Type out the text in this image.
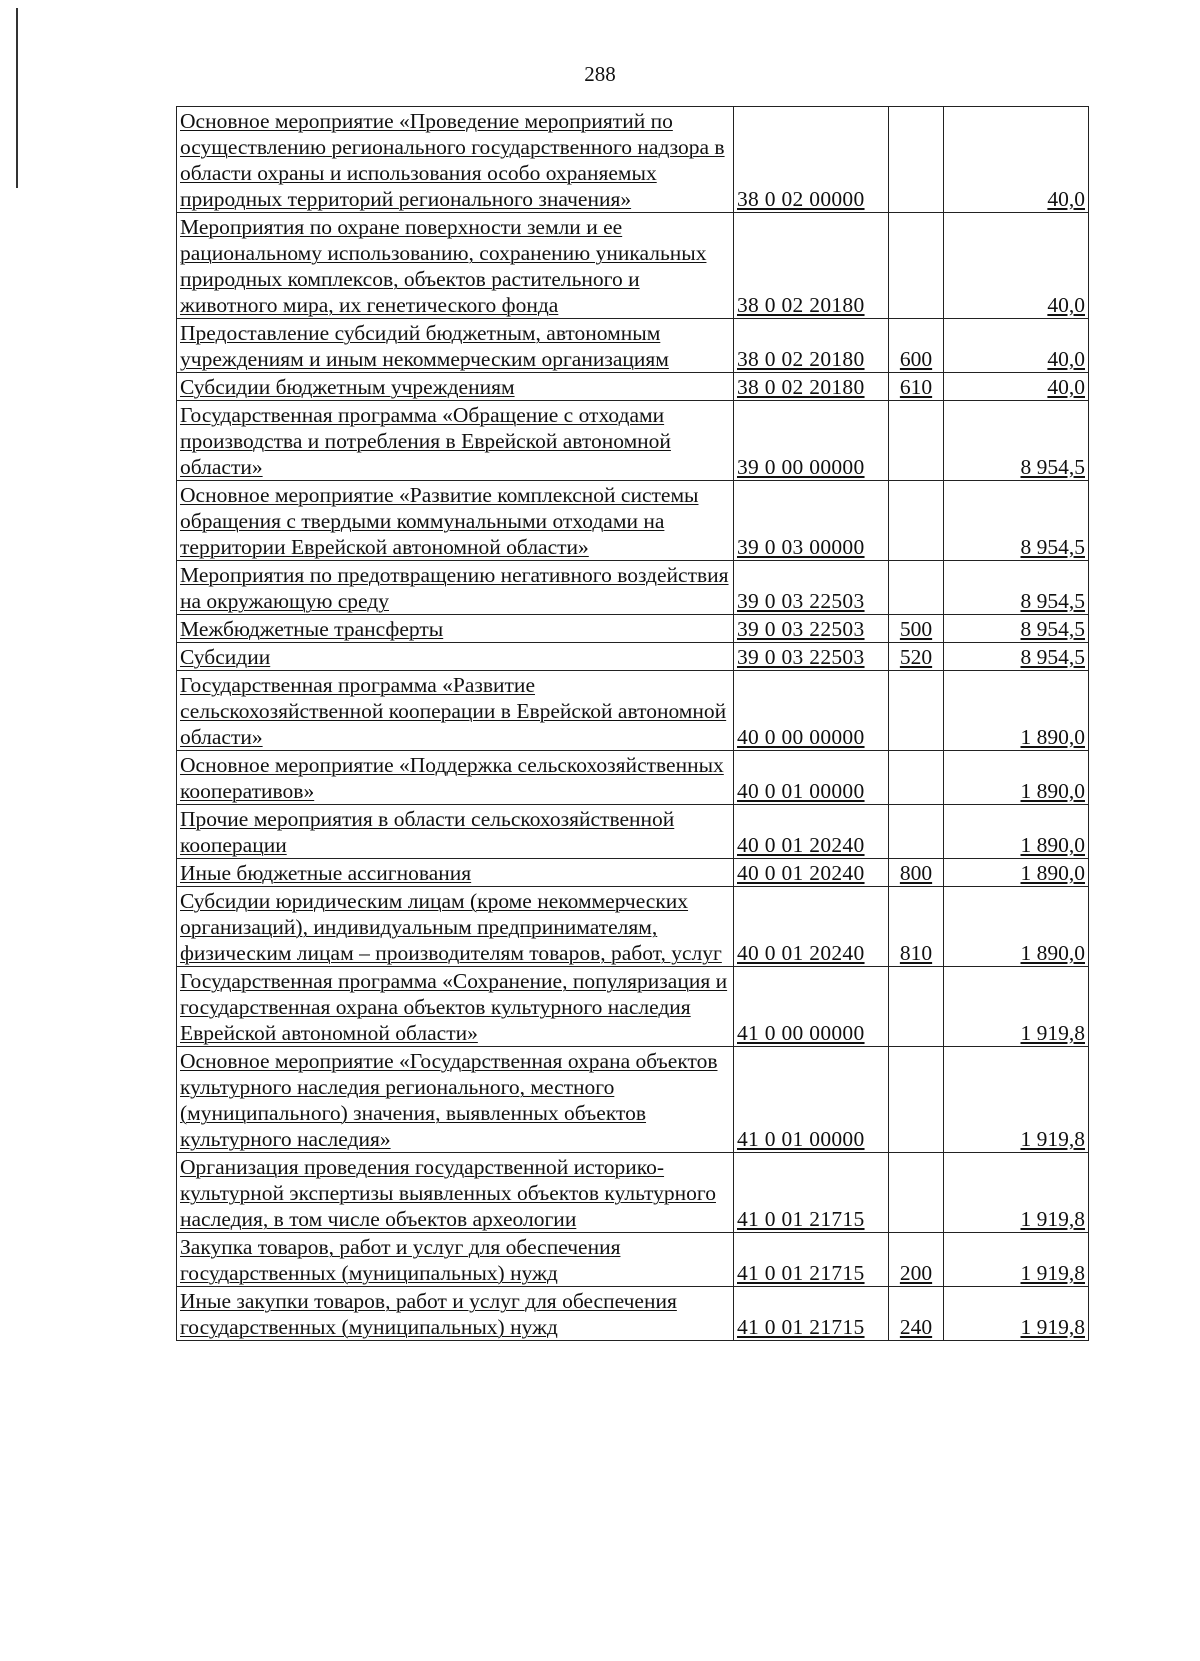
288
Основное мероприятие «Проведение мероприятий по осуществлению регионального государственного надзора в области охраны и использования особо охраняемых природных территорий регионального значения»	38 0 02 00000		40,0
Мероприятия по охране поверхности земли и ее рациональному использованию, сохранению уникальных природных комплексов, объектов растительного и животного мира, их генетического фонда	38 0 02 20180		40,0
Предоставление субсидий бюджетным, автономным учреждениям и иным некоммерческим организациям	38 0 02 20180	600	40,0
Субсидии бюджетным учреждениям	38 0 02 20180	610	40,0
Государственная программа «Обращение с отходами производства и потребления в Еврейской автономной области»	39 0 00 00000		8 954,5
Основное мероприятие «Развитие комплексной системы обращения с твердыми коммунальными отходами на территории Еврейской автономной области»	39 0 03 00000		8 954,5
Мероприятия по предотвращению негативного воздействия на окружающую среду	39 0 03 22503		8 954,5
Межбюджетные трансферты	39 0 03 22503	500	8 954,5
Субсидии	39 0 03 22503	520	8 954,5
Государственная программа «Развитие сельскохозяйственной кооперации в Еврейской автономной области»	40 0 00 00000		1 890,0
Основное мероприятие «Поддержка сельскохозяйственных кооперативов»	40 0 01 00000		1 890,0
Прочие мероприятия в области сельскохозяйственной кооперации	40 0 01 20240		1 890,0
Иные бюджетные ассигнования	40 0 01 20240	800	1 890,0
Субсидии юридическим лицам (кроме некоммерческих организаций), индивидуальным предпринимателям, физическим лицам – производителям товаров, работ, услуг	40 0 01 20240	810	1 890,0
Государственная программа «Сохранение, популяризация и государственная охрана объектов культурного наследия Еврейской автономной области»	41 0 00 00000		1 919,8
Основное мероприятие «Государственная охрана объектов культурного наследия регионального, местного (муниципального) значения, выявленных объектов культурного наследия»	41 0 01 00000		1 919,8
Организация проведения государственной историко-культурной экспертизы выявленных объектов культурного наследия, в том числе объектов археологии	41 0 01 21715		1 919,8
Закупка товаров, работ и услуг для обеспечения государственных (муниципальных) нужд	41 0 01 21715	200	1 919,8
Иные закупки товаров, работ и услуг для обеспечения государственных (муниципальных) нужд	41 0 01 21715	240	1 919,8
